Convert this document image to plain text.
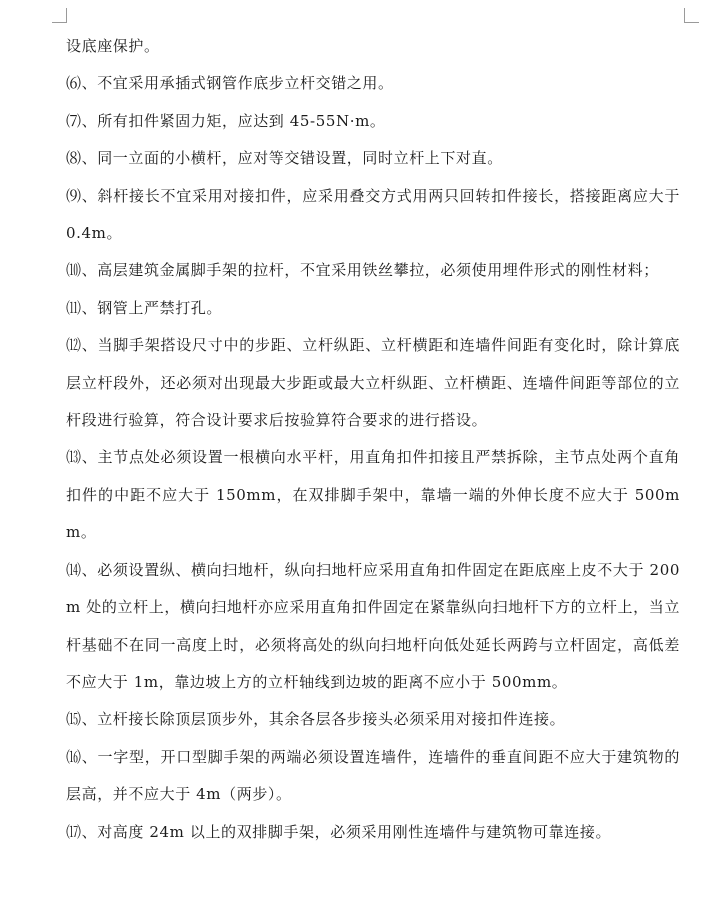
设底座保护。

⑹、不宜采用承插式钢管作底步立杆交错之用。

⑺、所有扣件紧固力矩，应达到 45-55N·m。

⑻、同一立面的小横杆，应对等交错设置，同时立杆上下对直。

⑼、斜杆接长不宜采用对接扣件，应采用叠交方式用两只回转扣件接长，搭接距离应大于 0.4m。

⑽、高层建筑金属脚手架的拉杆，不宜采用铁丝攀拉，必须使用埋件形式的刚性材料；

⑾、钢管上严禁打孔。

⑿、当脚手架搭设尺寸中的步距、立杆纵距、立杆横距和连墙件间距有变化时，除计算底层立杆段外，还必须对出现最大步距或最大立杆纵距、立杆横距、连墙件间距等部位的立杆段进行验算，符合设计要求后按验算符合要求的进行搭设。

⒀、主节点处必须设置一根横向水平杆，用直角扣件扣接且严禁拆除，主节点处两个直角扣件的中距不应大于 150mm，在双排脚手架中，靠墙一端的外伸长度不应大于 500mm。

⒁、必须设置纵、横向扫地杆，纵向扫地杆应采用直角扣件固定在距底座上皮不大于 200m 处的立杆上，横向扫地杆亦应采用直角扣件固定在紧靠纵向扫地杆下方的立杆上，当立杆基础不在同一高度上时，必须将高处的纵向扫地杆向低处延长两跨与立杆固定，高低差不应大于 1m，靠边坡上方的立杆轴线到边坡的距离不应小于 500mm。

⒂、立杆接长除顶层顶步外，其余各层各步接头必须采用对接扣件连接。

⒃、一字型，开口型脚手架的两端必须设置连墙件，连墙件的垂直间距不应大于建筑物的层高，并不应大于 4m（两步）。

⒄、对高度 24m 以上的双排脚手架，必须采用刚性连墙件与建筑物可靠连接。
